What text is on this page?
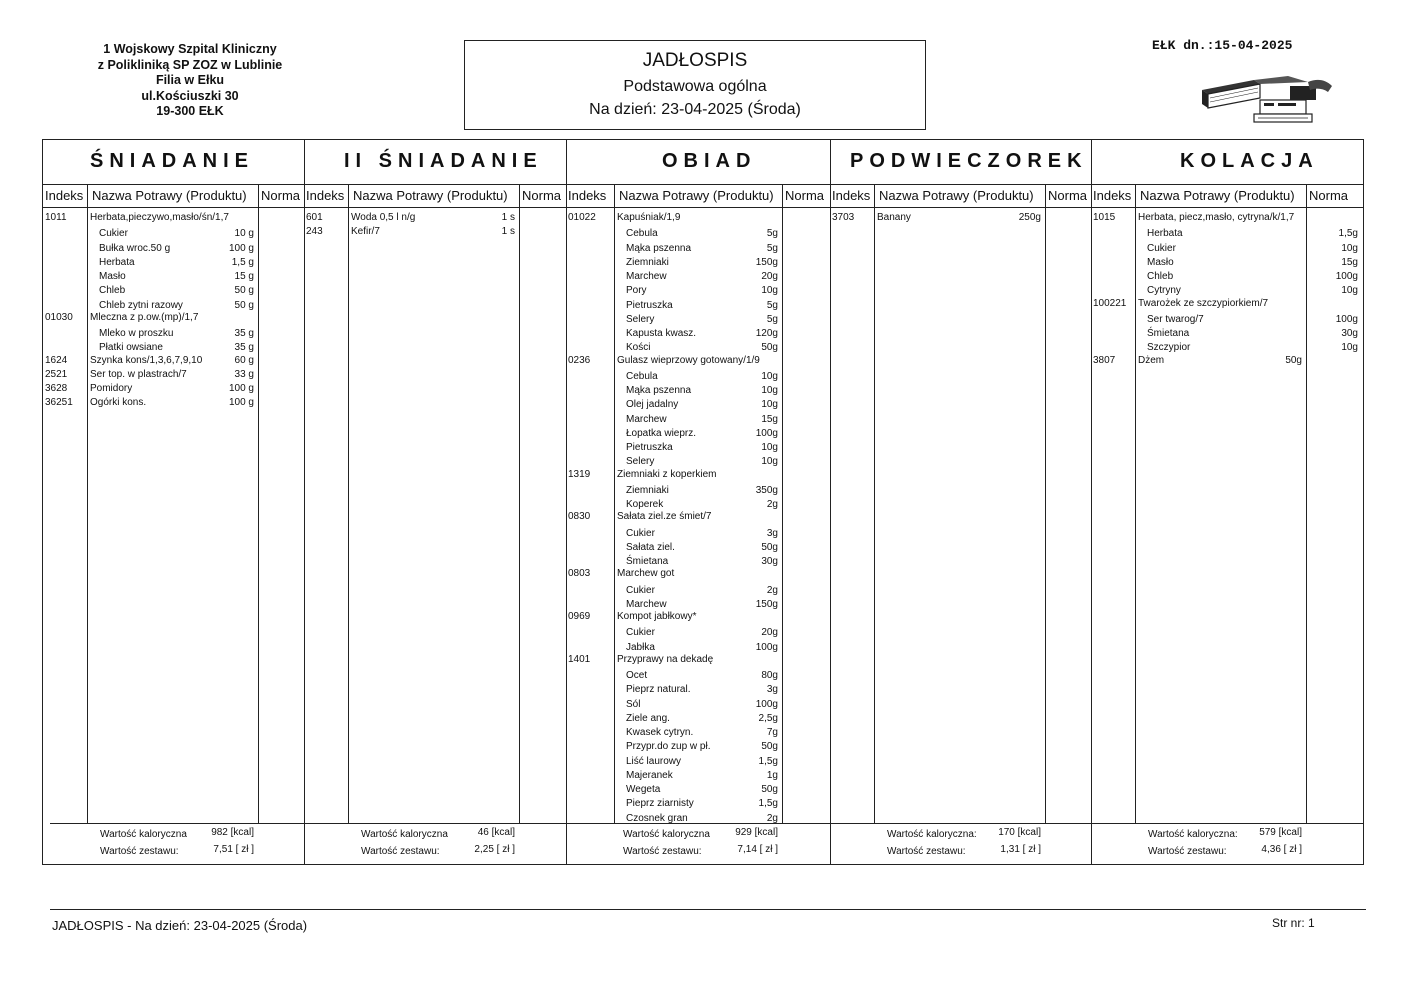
1 Wojskowy Szpital Kliniczny
z Polikliniką SP ZOZ w Lublinie
Filia w Ełku
ul.Kościuszki 30
19-300 EŁK
JADŁOSPIS
Podstawowa ogólna
Na dzień: 23-04-2025 (Środa)
EŁK dn.:15-04-2025
ŚNIADANIE
Indeks Nazwa Potrawy (Produktu) Norma
1011 Herbata,pieczywo,masło/śn/1,7
Cukier	10 g
Bułka wroc.50 g	100 g
Herbata	1,5 g
Masło	15 g
Chleb	50 g
Chleb zytni razowy	50 g
01030 Mleczna z p.ow.(mp)/1,7
Mleko w proszku	35 g
Płatki owsiane	35 g
1624 Szynka kons/1,3,6,7,9,10	60 g
2521 Ser top. w plastrach/7	33 g
3628 Pomidory	100 g
36251 Ogórki kons.	100 g
Wartość kaloryczna	982 [kcal]
Wartość zestawu:	7,51 [ zł ]
II ŚNIADANIE
Indeks Nazwa Potrawy (Produktu) Norma
601	Woda 0,5 l n/g	1 s
243	Kefir/7	1 s
Wartość kaloryczna	46 [kcal]
Wartość zestawu:	2,25 [ zł ]
OBIAD
Indeks Nazwa Potrawy (Produktu) Norma
01022 Kapuśniak/1,9
Cebula	5g
Mąka pszenna	5g
Ziemniaki	150g
Marchew	20g
Pory	10g
Pietruszka	5g
Selery	5g
Kapusta kwasz.	120g
Kości	50g
0236	Gulasz wieprzowy gotowany/1/9
Cebula	10g
Mąka pszenna	10g
Olej jadalny	10g
Marchew	15g
Łopatka wieprz.	100g
Pietruszka	10g
Selery	10g
1319	Ziemniaki z koperkiem
Ziemniaki	350g
Koperek	2g
0830	Sałata ziel.ze śmiet/7
Cukier	3g
Sałata ziel.	50g
Śmietana	30g
0803	Marchew got
Cukier	2g
Marchew	150g
0969	Kompot jabłkowy*
Cukier	20g
Jabłka	100g
1401	Przyprawy na dekadę
Ocet	80g
Pieprz natural.	3g
Sól	100g
Ziele ang.	2,5g
Kwasek cytryn.	7g
Przypr.do zup w pł.	50g
Liść laurowy	1,5g
Majeranek	1g
Wegeta	50g
Pieprz ziarnisty	1,5g
Czosnek gran	2g
Wartość kaloryczna	929 [kcal]
Wartość zestawu:	7,14 [ zł ]
PODWIECZOREK
Indeks Nazwa Potrawy (Produktu) Norma
3703 Banany	250g
Wartość kaloryczna:	170 [kcal]
Wartość zestawu:	1,31 [ zł ]
KOLACJA
Indeks Nazwa Potrawy (Produktu) Norma
1015 Herbata, piecz,masło, cytryna/k/1,7
Herbata	1,5g
Cukier	10g
Masło	15g
Chleb	100g
Cytryny	10g
100221 Twarożek ze szczypiorkiem/7
Ser twarog/7	100g
Śmietana	30g
Szczypior	10g
3807 Dżem	50g
Wartość kaloryczna:	579 [kcal]
Wartość zestawu:	4,36 [ zł ]
JADŁOSPIS - Na dzień: 23-04-2025 (Środa)	Str nr: 1
